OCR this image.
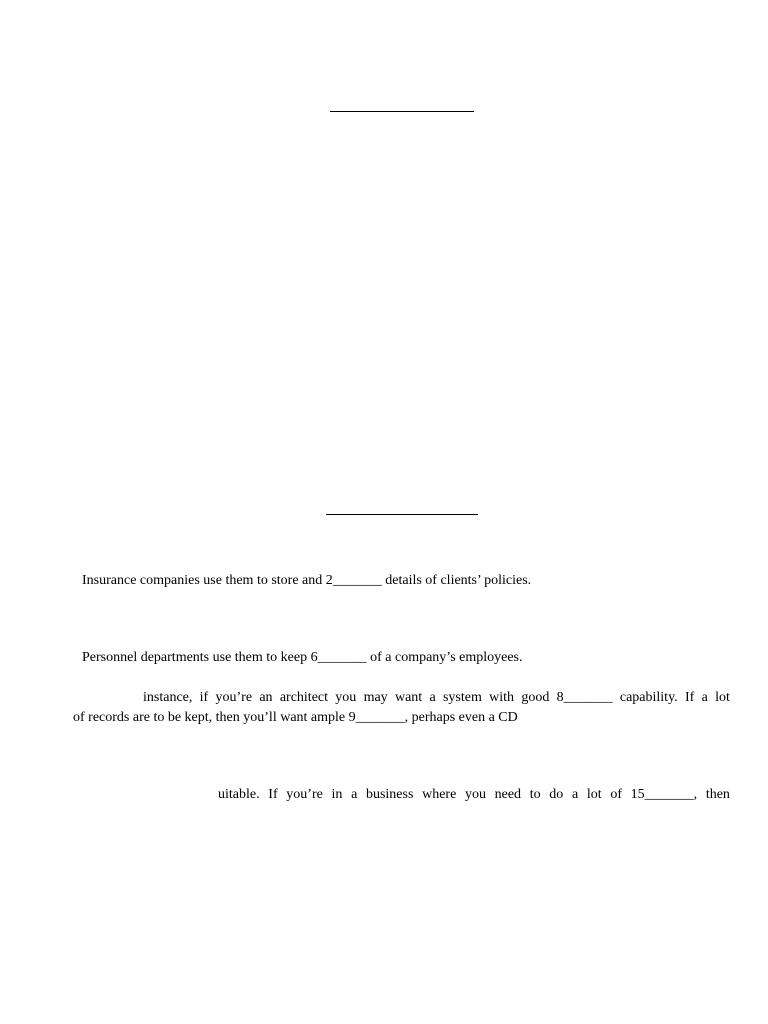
Insurance companies use them to store and 2_______ details of clients’ policies.
Personnel departments use them to keep 6_______ of a company’s employees.
instance, if you’re an architect you may want a system with good 8_______ capability. If a lot
of records are to be kept, then you’ll want ample 9_______, perhaps even a CD
uitable. If you’re in a business where you need to do a lot of 15_______, then
